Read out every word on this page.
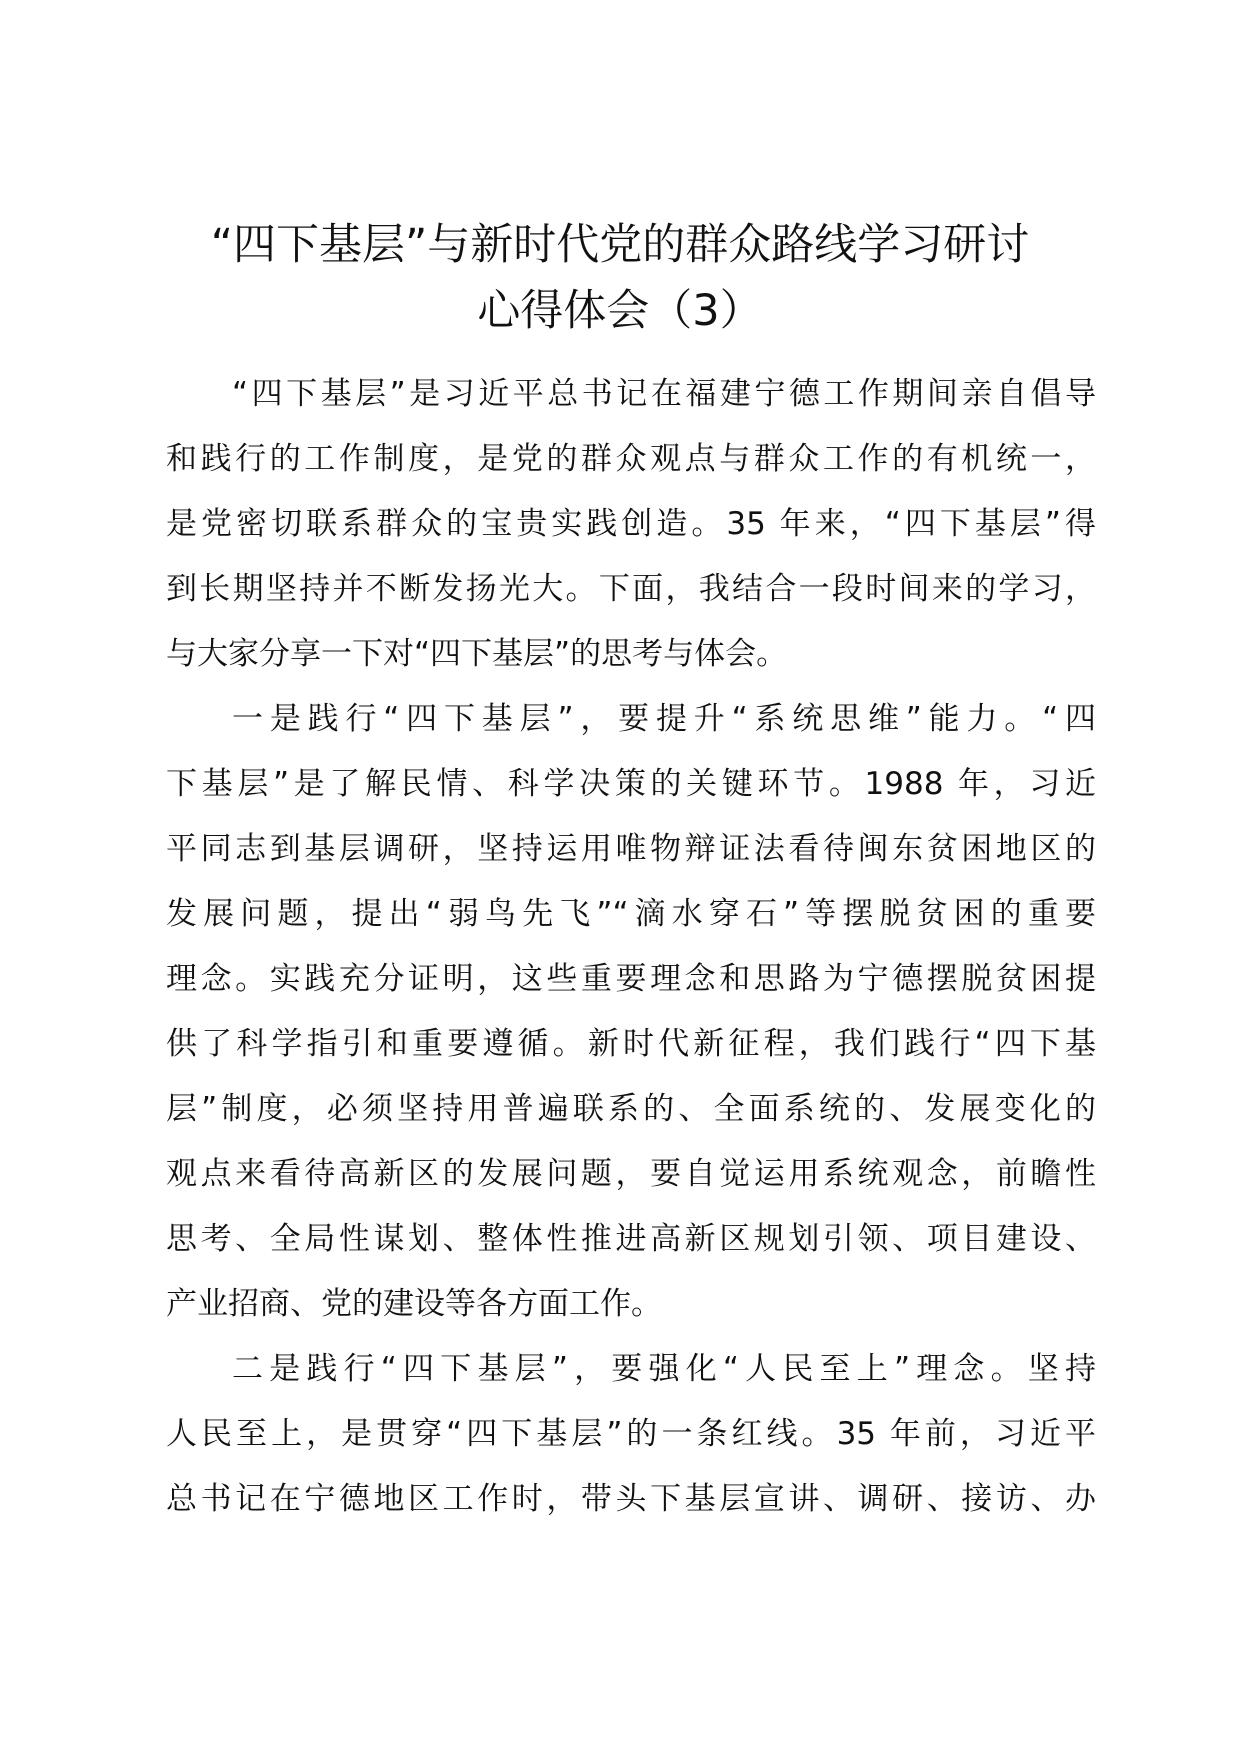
“四下基层”与新时代党的群众路线学习研讨
心得体会（3）
“四下基层”是习近平总书记在福建宁德工作期间亲自倡导
和践行的工作制度，是党的群众观点与群众工作的有机统一，
是党密切联系群众的宝贵实践创造。35 年来，“四下基层”得
到长期坚持并不断发扬光大。下面，我结合一段时间来的学习，
与大家分享一下对“四下基层”的思考与体会。
一是践行“四下基层”，要提升“系统思维”能力。“四
下基层”是了解民情、科学决策的关键环节。1988 年，习近
平同志到基层调研，坚持运用唯物辩证法看待闽东贫困地区的
发展问题，提出“弱鸟先飞”“滴水穿石”等摆脱贫困的重要
理念。实践充分证明，这些重要理念和思路为宁德摆脱贫困提
供了科学指引和重要遵循。新时代新征程，我们践行“四下基
层”制度，必须坚持用普遍联系的、全面系统的、发展变化的
观点来看待高新区的发展问题，要自觉运用系统观念，前瞻性
思考、全局性谋划、整体性推进高新区规划引领、项目建设、
产业招商、党的建设等各方面工作。
二是践行“四下基层”，要强化“人民至上”理念。坚持
人民至上，是贯穿“四下基层”的一条红线。35 年前，习近平
总书记在宁德地区工作时，带头下基层宣讲、调研、接访、办
